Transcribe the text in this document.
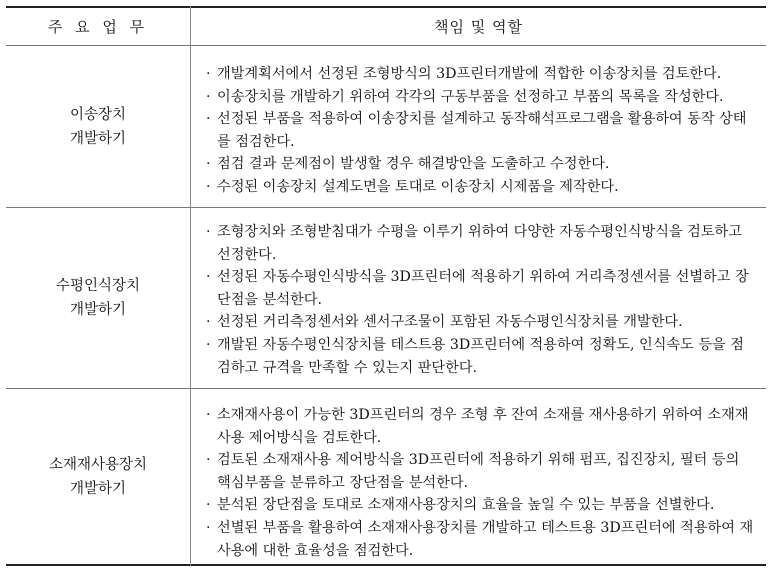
주 요 업 무	책임 및 역할
이송장치
개발하기
· 개발계획서에서 선정된 조형방식의 3D프린터개발에 적합한 이송장치를 검토한다.
· 이송장치를 개발하기 위하여 각각의 구동부품을 선정하고 부품의 목록을 작성한다.
· 선정된 부품을 적용하여 이송장치를 설계하고 동작해석프로그램을 활용하여 동작 상태를 점검한다.
· 점검 결과 문제점이 발생할 경우 해결방안을 도출하고 수정한다.
· 수정된 이송장치 설계도면을 토대로 이송장치 시제품을 제작한다.
수평인식장치
개발하기
· 조형장치와 조형받침대가 수평을 이루기 위하여 다양한 자동수평인식방식을 검토하고 선정한다.
· 선정된 자동수평인식방식을 3D프린터에 적용하기 위하여 거리측정센서를 선별하고 장단점을 분석한다.
· 선정된 거리측정센서와 센서구조물이 포함된 자동수평인식장치를 개발한다.
· 개발된 자동수평인식장치를 테스트용 3D프린터에 적용하여 정확도, 인식속도 등을 점검하고 규격을 만족할 수 있는지 판단한다.
소재재사용장치
개발하기
· 소재재사용이 가능한 3D프린터의 경우 조형 후 잔여 소재를 재사용하기 위하여 소재재사용 제어방식을 검토한다.
· 검토된 소재재사용 제어방식을 3D프린터에 적용하기 위해 펌프, 집진장치, 필터 등의 핵심부품을 분류하고 장단점을 분석한다.
· 분석된 장단점을 토대로 소재재사용장치의 효율을 높일 수 있는 부품을 선별한다.
· 선별된 부품을 활용하여 소재재사용장치를 개발하고 테스트용 3D프린터에 적용하여 재사용에 대한 효율성을 점검한다.
